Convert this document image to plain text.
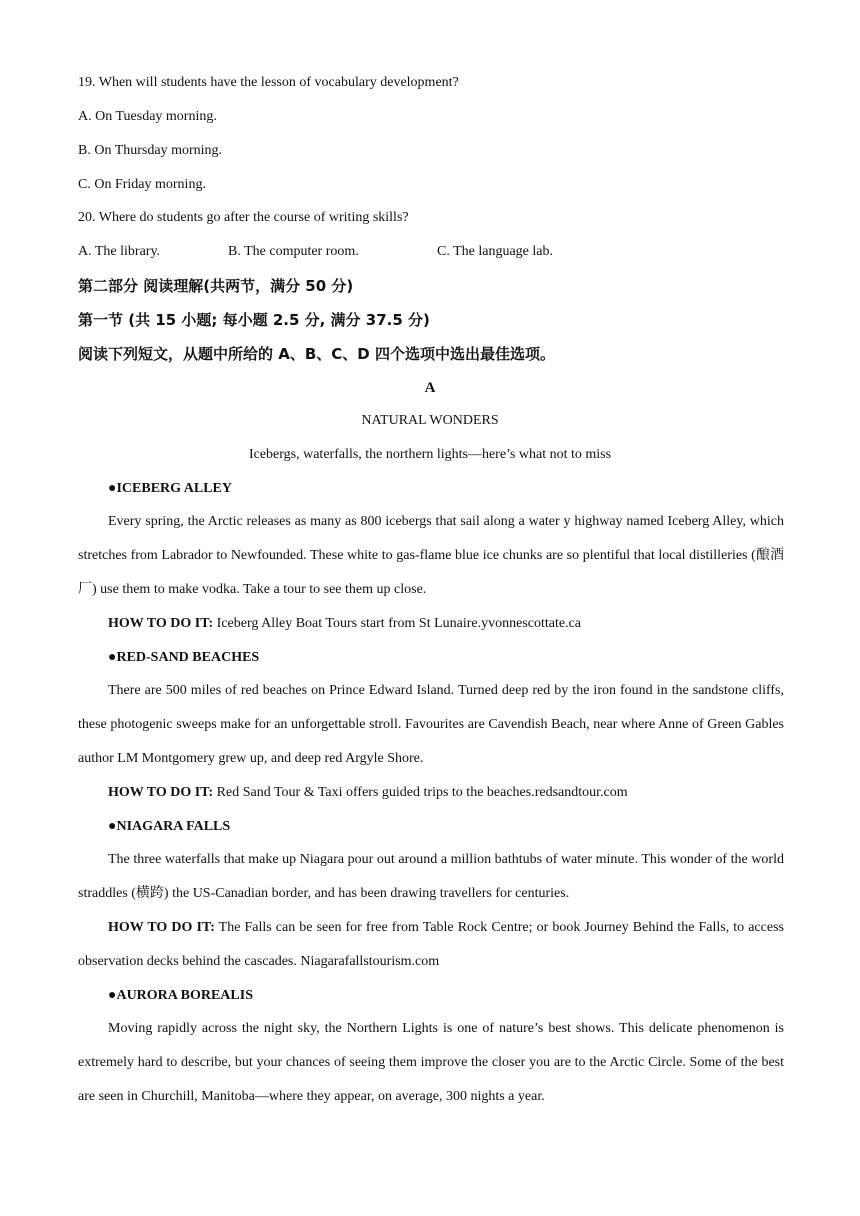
19. When will students have the lesson of vocabulary development?
A. On Tuesday morning.
B. On Thursday morning.
C. On Friday morning.
20. Where do students go after the course of writing skills?
A. The library.	B. The computer room.	C. The language lab.
第二部分 阅读理解(共两节，满分 50 分)
第一节 (共 15 小题; 每小题 2.5 分, 满分 37.5 分)
阅读下列短文，从题中所给的 A、B、C、D 四个选项中选出最佳选项。
A
NATURAL WONDERS
Icebergs, waterfalls, the northern lights—here’s what not to miss
●ICEBERG ALLEY
Every spring, the Arctic releases as many as 800 icebergs that sail along a water y highway named Iceberg Alley, which stretches from Labrador to Newfounded. These white to gas-flame blue ice chunks are so plentiful that local distilleries (酿酒厂) use them to make vodka. Take a tour to see them up close.
HOW TO DO IT: Iceberg Alley Boat Tours start from St Lunaire.yvonnescottate.ca
●RED-SAND BEACHES
There are 500 miles of red beaches on Prince Edward Island. Turned deep red by the iron found in the sandstone cliffs, these photogenic sweeps make for an unforgettable stroll. Favourites are Cavendish Beach, near where Anne of Green Gables author LM Montgomery grew up, and deep red Argyle Shore.
HOW TO DO IT: Red Sand Tour & Taxi offers guided trips to the beaches.redsandtour.com
●NIAGARA FALLS
The three waterfalls that make up Niagara pour out around a million bathtubs of water minute. This wonder of the world straddles (横跨) the US-Canadian border, and has been drawing travellers for centuries.
HOW TO DO IT: The Falls can be seen for free from Table Rock Centre; or book Journey Behind the Falls, to access observation decks behind the cascades. Niagarafallstourism.com
●AURORA BOREALIS
Moving rapidly across the night sky, the Northern Lights is one of nature’s best shows. This delicate phenomenon is extremely hard to describe, but your chances of seeing them improve the closer you are to the Arctic Circle. Some of the best are seen in Churchill, Manitoba—where they appear, on average, 300 nights a year.
